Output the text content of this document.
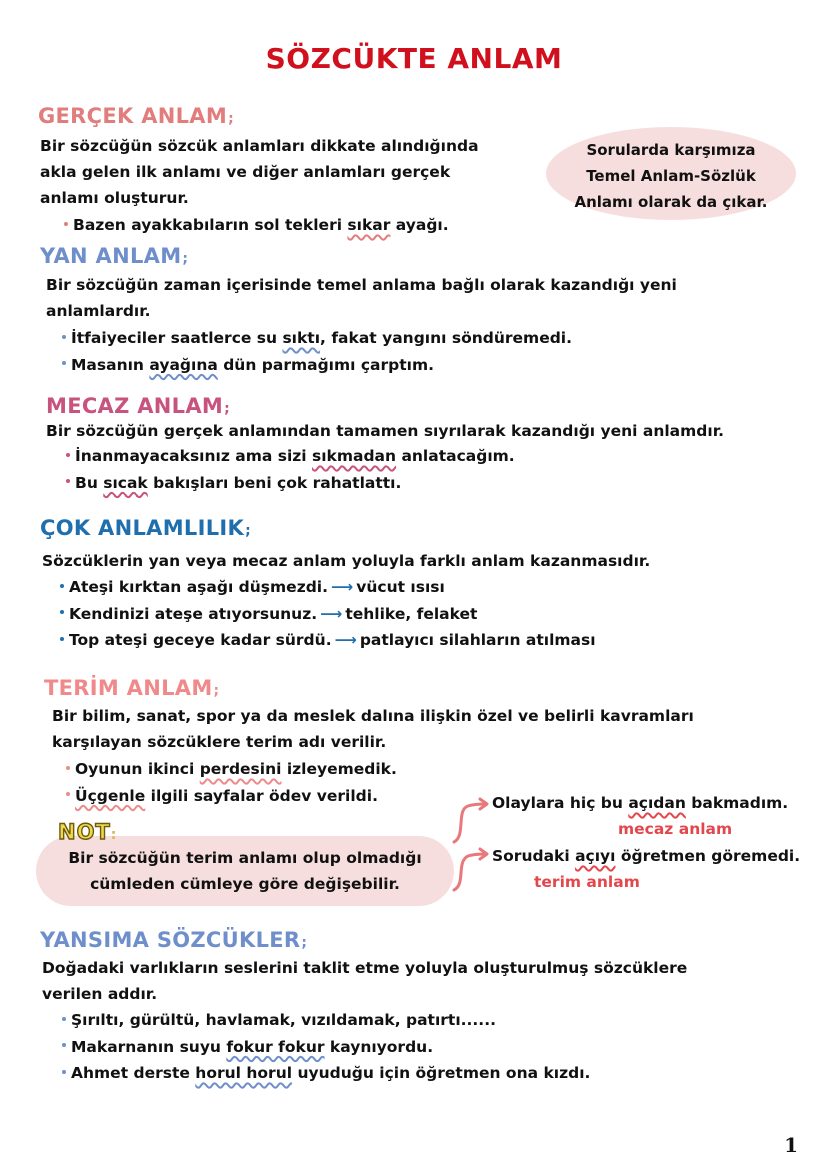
SÖZCÜKTE ANLAM
GERÇEK ANLAM;
Bir sözcüğün sözcük anlamları dikkate alındığında
akla gelen ilk anlamı ve diğer anlamları gerçek
anlamı oluşturur.
Bazen ayakkabıların sol tekleri sıkar ayağı.
Sorularda karşımıza
Temel Anlam-Sözlük
Anlamı olarak da çıkar.
YAN ANLAM;
Bir sözcüğün zaman içerisinde temel anlama bağlı olarak kazandığı yeni
anlamlardır.
İtfaiyeciler saatlerce su sıktı, fakat yangını söndüremedi.
Masanın ayağına dün parmağımı çarptım.
MECAZ ANLAM;
Bir sözcüğün gerçek anlamından tamamen sıyrılarak kazandığı yeni anlamdır.
İnanmayacaksınız ama sizi sıkmadan anlatacağım.
Bu sıcak bakışları beni çok rahatlattı.
ÇOK ANLAMLILIK;
Sözcüklerin yan veya mecaz anlam yoluyla farklı anlam kazanmasıdır.
Ateşi kırktan aşağı düşmezdi. ⟶ vücut ısısı
Kendinizi ateşe atıyorsunuz. ⟶ tehlike, felaket
Top ateşi geceye kadar sürdü. ⟶ patlayıcı silahların atılması
TERİM ANLAM;
Bir bilim, sanat, spor ya da meslek dalına ilişkin özel ve belirli kavramları
karşılayan sözcüklere terim adı verilir.
Oyunun ikinci perdesini izleyemedik.
Üçgenle ilgili sayfalar ödev verildi.
NOT:
Bir sözcüğün terim anlamı olup olmadığı
cümleden cümleye göre değişebilir.
Olaylara hiç bu açıdan bakmadım.
mecaz anlam
Sorudaki açıyı öğretmen göremedi.
terim anlam
YANSIMA SÖZCÜKLER;
Doğadaki varlıkların seslerini taklit etme yoluyla oluşturulmuş sözcüklere
verilen addır.
Şırıltı, gürültü, havlamak, vızıldamak, patırtı......
Makarnanın suyu fokur fokur kaynıyordu.
Ahmet derste horul horul uyuduğu için öğretmen ona kızdı.
1
